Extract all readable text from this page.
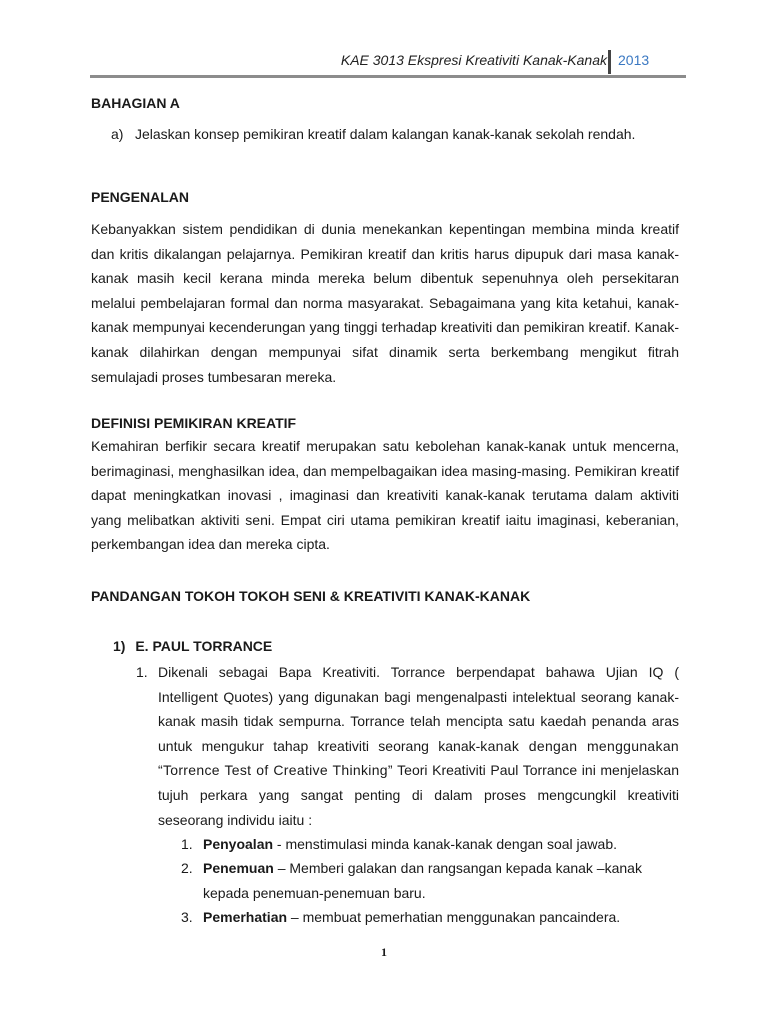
KAE 3013 Ekspresi Kreativiti Kanak-Kanak 2013
BAHAGIAN A
a) Jelaskan konsep pemikiran kreatif dalam kalangan kanak-kanak sekolah rendah.
PENGENALAN
Kebanyakkan sistem pendidikan di dunia menekankan kepentingan membina minda kreatif dan kritis dikalangan pelajarnya. Pemikiran kreatif dan kritis harus dipupuk dari masa kanak-kanak masih kecil kerana minda mereka belum dibentuk sepenuhnya oleh persekitaran melalui pembelajaran formal dan norma masyarakat. Sebagaimana yang kita ketahui, kanak-kanak mempunyai kecenderungan yang tinggi terhadap kreativiti dan pemikiran kreatif. Kanak-kanak dilahirkan dengan mempunyai sifat dinamik serta berkembang mengikut fitrah semulajadi proses tumbesaran mereka.
DEFINISI PEMIKIRAN KREATIF
Kemahiran berfikir secara kreatif merupakan satu kebolehan kanak-kanak untuk mencerna, berimaginasi, menghasilkan idea, dan mempelbagaikan idea masing-masing. Pemikiran kreatif dapat meningkatkan inovasi , imaginasi dan kreativiti kanak-kanak terutama dalam aktiviti yang melibatkan aktiviti seni. Empat ciri utama pemikiran kreatif iaitu imaginasi, keberanian, perkembangan idea dan mereka cipta.
PANDANGAN TOKOH TOKOH SENI & KREATIVITI KANAK-KANAK
1) E. PAUL TORRANCE
1. Dikenali sebagai Bapa Kreativiti. Torrance berpendapat bahawa Ujian IQ ( Intelligent Quotes) yang digunakan bagi mengenalpasti intelektual seorang kanak-kanak masih tidak sempurna. Torrance telah mencipta satu kaedah penanda aras untuk mengukur tahap kreativiti seorang kanak-kanak dengan menggunakan “Torrence Test of Creative Thinking” Teori Kreativiti Paul Torrance ini menjelaskan tujuh perkara yang sangat penting di dalam proses mengcungkil kreativiti seseorang individu iaitu :
1. Penyoalan - menstimulasi minda kanak-kanak dengan soal jawab.
2. Penemuan – Memberi galakan dan rangsangan kepada kanak –kanak
kepada penemuan-penemuan baru.
3. Pemerhatian – membuat pemerhatian menggunakan pancaindera.
1
